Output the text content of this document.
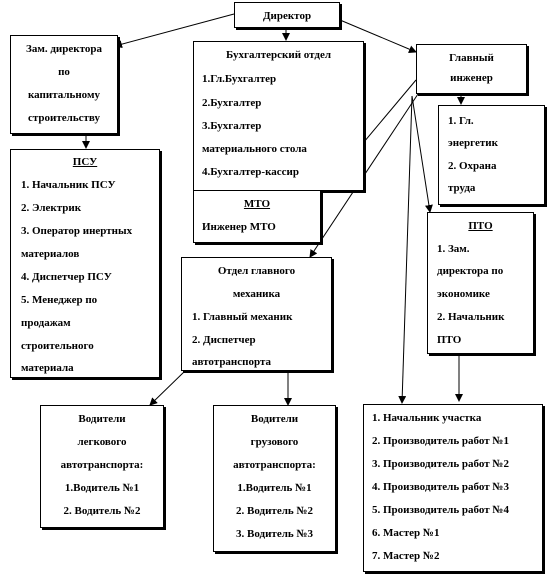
Директор
Зам. директора
по
капитальному
строительству
Бухгалтерский отдел
1.Гл.Бухгалтер
2.Бухгалтер
3.Бухгалтер
материального стола
4.Бухгалтер-кассир
Главный
инженер
1. Гл.
энергетик
2. Охрана
труда
ПСУ
1. Начальник ПСУ
2. Электрик
3. Оператор инертных
материалов
4. Диспетчер ПСУ
5. Менеджер по
продажам
строительного
материала
МТО
Инженер МТО	ПТО
1. Зам.
директора по
экономике
2. Начальник
ПТО
Отдел главного
механика
1. Главный механик
2. Диспетчер
автотранспорта
Водители
легкового
автотранспорта:
1.Водитель №1
2. Водитель №2
Водители
грузового
автотранспорта:
1.Водитель №1
2. Водитель №2
3. Водитель №3
1. Начальник участка
2. Производитель работ №1
3. Производитель работ №2
4. Производитель работ №3
5. Производитель работ №4
6. Мастер №1
7. Мастер №2
